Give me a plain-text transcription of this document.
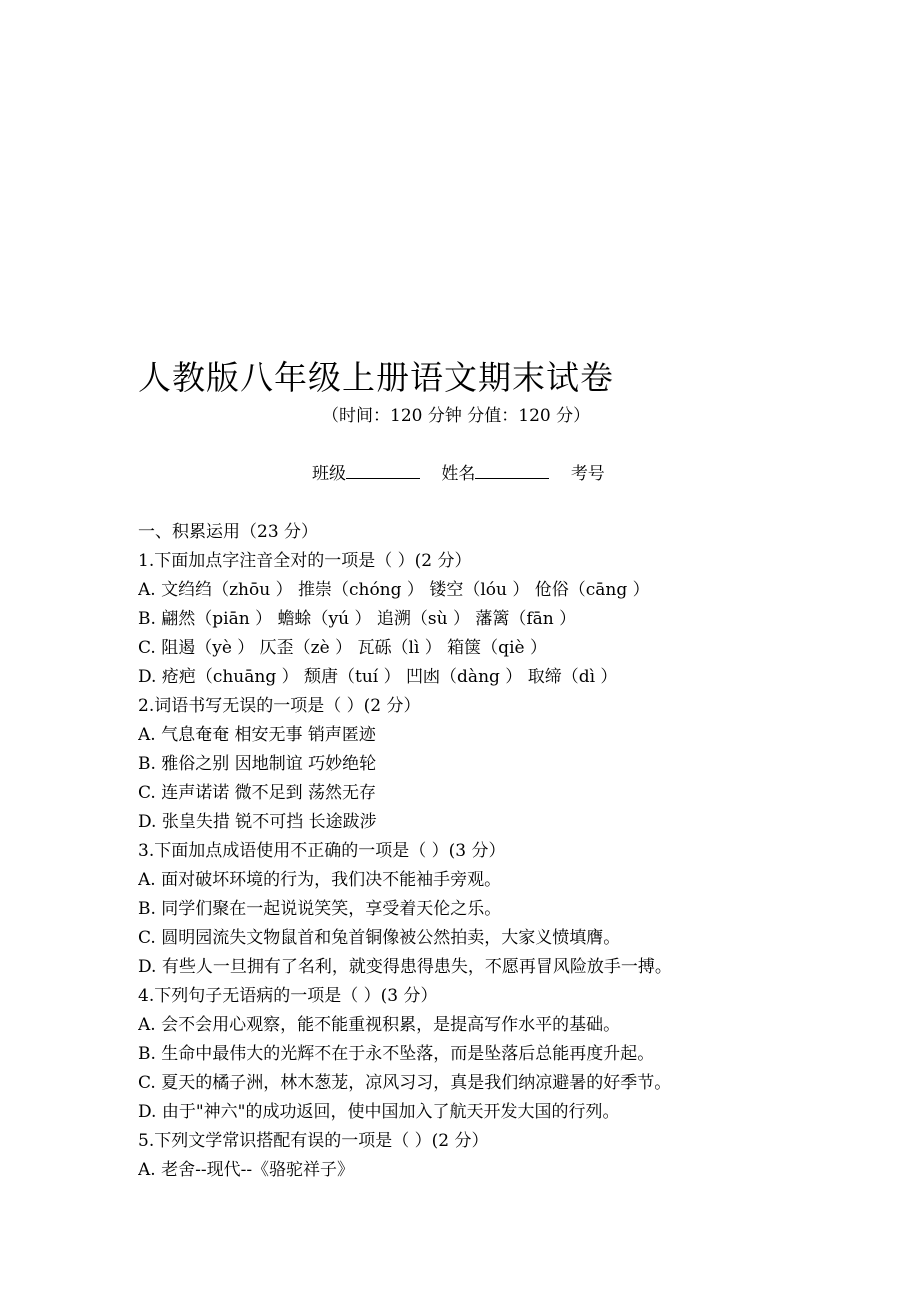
人教版八年级上册语文期末试卷
（时间：120 分钟 分值：120 分）
班级	姓名	考号
一、积累运用（23 分）
1.下面加点字注音全对的一项是（ ）(2 分）
A. 文绉绉（zhōu ） 推崇（chóng ） 镂空（lóu ） 伧俗（cāng ）
B. 翩然（piān ） 蟾蜍（yú ） 追溯（sù ） 藩篱（fān ）
C. 阻遏（yè ） 仄歪（zè ） 瓦砾（lì ） 箱箧（qiè ）
D. 疮疤（chuāng ） 颓唐（tuí ） 凹凼（dàng ） 取缔（dì ）
2.词语书写无误的一项是（ ）(2 分）
A. 气息奄奄 相安无事 销声匿迹
B. 雅俗之别 因地制谊 巧妙绝轮
C. 连声诺诺 微不足到 荡然无存
D. 张皇失措 锐不可挡 长途跋涉
3.下面加点成语使用不正确的一项是（ ）(3 分）
A. 面对破坏环境的行为，我们决不能袖手旁观。
B. 同学们聚在一起说说笑笑，享受着天伦之乐。
C. 圆明园流失文物鼠首和兔首铜像被公然拍卖，大家义愤填膺。
D. 有些人一旦拥有了名利，就变得患得患失，不愿再冒风险放手一搏。
4.下列句子无语病的一项是（ ）(3 分）
A. 会不会用心观察，能不能重视积累，是提高写作水平的基础。
B. 生命中最伟大的光辉不在于永不坠落，而是坠落后总能再度升起。
C. 夏天的橘子洲，林木葱茏，凉风习习，真是我们纳凉避暑的好季节。
D. 由于"神六"的成功返回，使中国加入了航天开发大国的行列。
5.下列文学常识搭配有误的一项是（ ）(2 分）
A. 老舍--现代--《骆驼祥子》
